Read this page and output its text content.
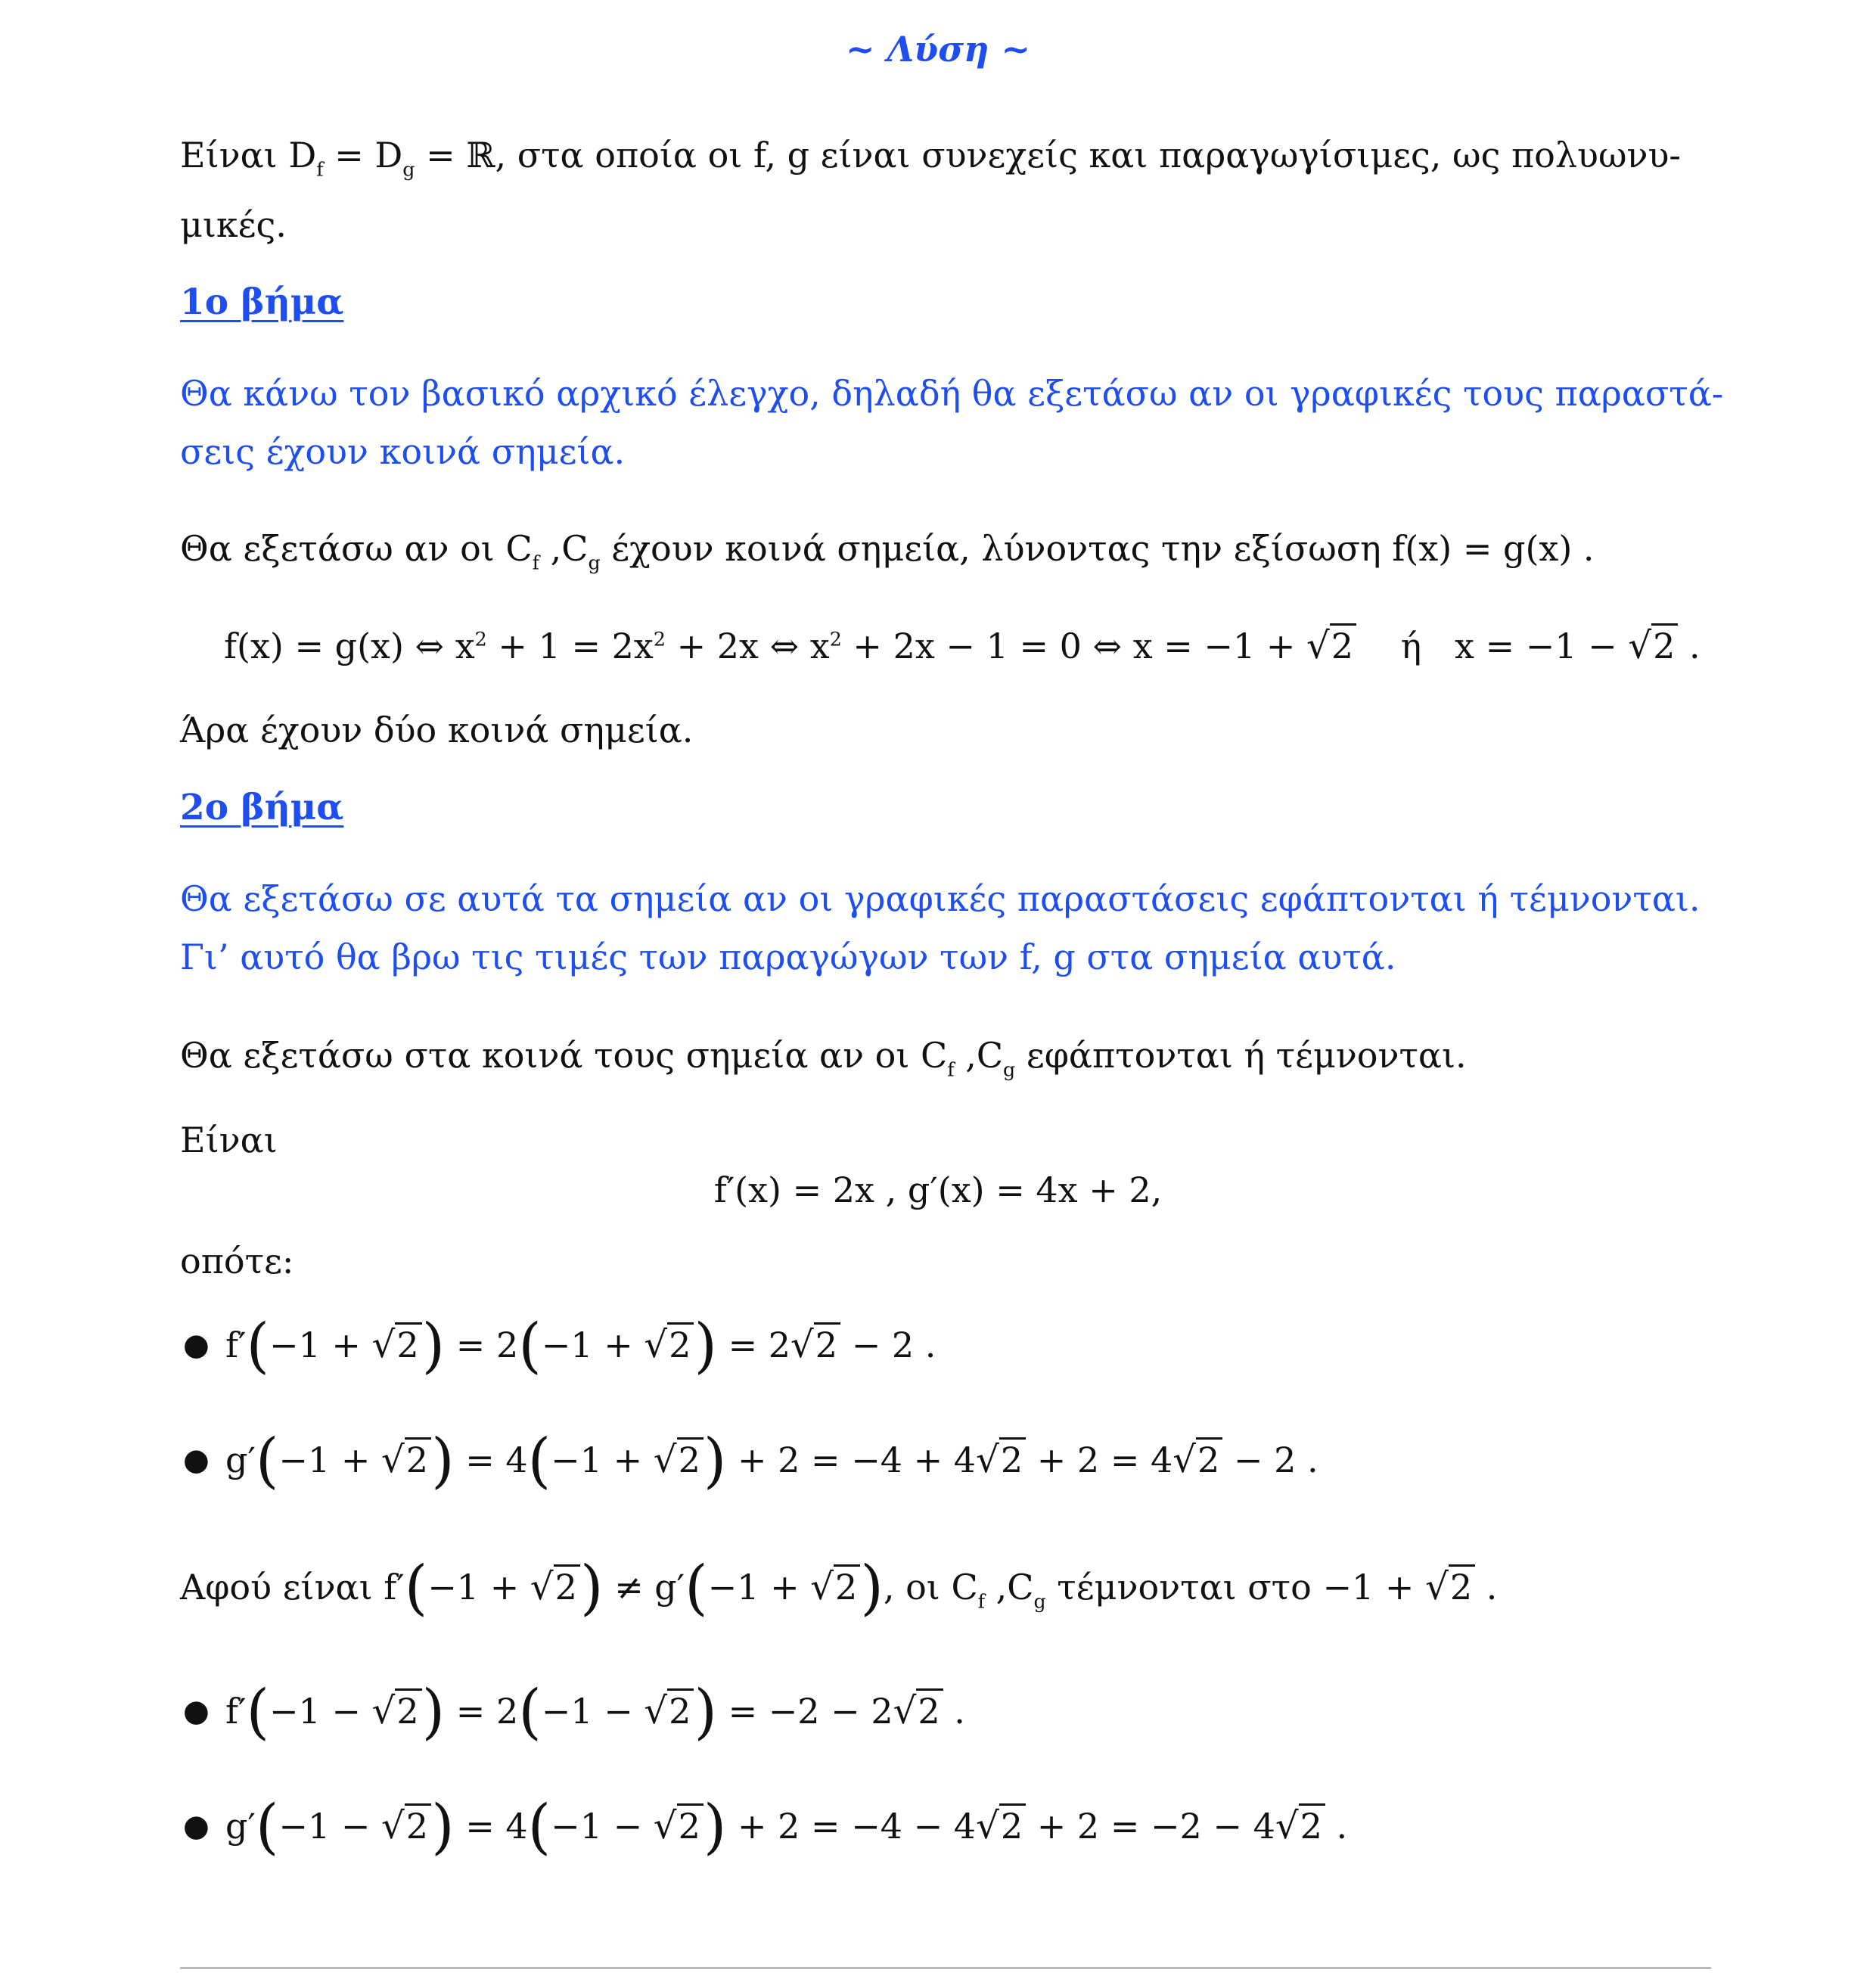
~ Λύση ~
Είναι $D_f = D_g$ = ℝ, στα οποία οι f, g είναι συνεχείς και παραγωγίσιμες, ως πολυωνυ-
μικές.
1ο βήμα
Θα κάνω τον βασικό αρχικό έλεγχο, δηλαδή θα εξετάσω αν οι γραφικές τους παραστά-
σεις έχουν κοινά σημεία.
Θα εξετάσω αν οι $C_f$ $,C_g$ έχουν κοινά σημεία, λύνοντας την εξίσωση f(x) = g(x) .
f(x) = g(x) ⇔ $x^2 + 1 = 2x^2 + 2x$ ⇔ $x^2 + 2x - 1 = 0$ ⇔ x = −1 + √2 ή   x = −1 − √2 .
Άρα έχουν δύο κοινά σημεία.
2ο βήμα
Θα εξετάσω σε αυτά τα σημεία αν οι γραφικές παραστάσεις εφάπτονται ή τέμνονται.
Γι’ αυτό θα βρω τις τιμές των παραγώγων των f, g στα σημεία αυτά.
Θα εξετάσω στα κοινά τους σημεία αν οι $C_f$ $,C_g$ εφάπτονται ή τέμνονται.
Είναι
f′(x) = 2x , g′(x) = 4x + 2,
οπότε:
● f′(−1 + √2) = 2(−1 + √2) = 2√2 − 2 .
● g′(−1 + √2) = 4(−1 + √2) + 2 = −4 + 4√2 + 2 = 4√2 − 2 .
Αφού είναι f′(−1 + √2) ≠ g′(−1 + √2), οι $C_f$ $,C_g$ τέμνονται στο −1 + √2 .
● f′(−1 − √2) = 2(−1 − √2) = −2 − 2√2 .
● g′(−1 − √2) = 4(−1 − √2) + 2 = −4 − 4√2 + 2 = −2 − 4√2 .
